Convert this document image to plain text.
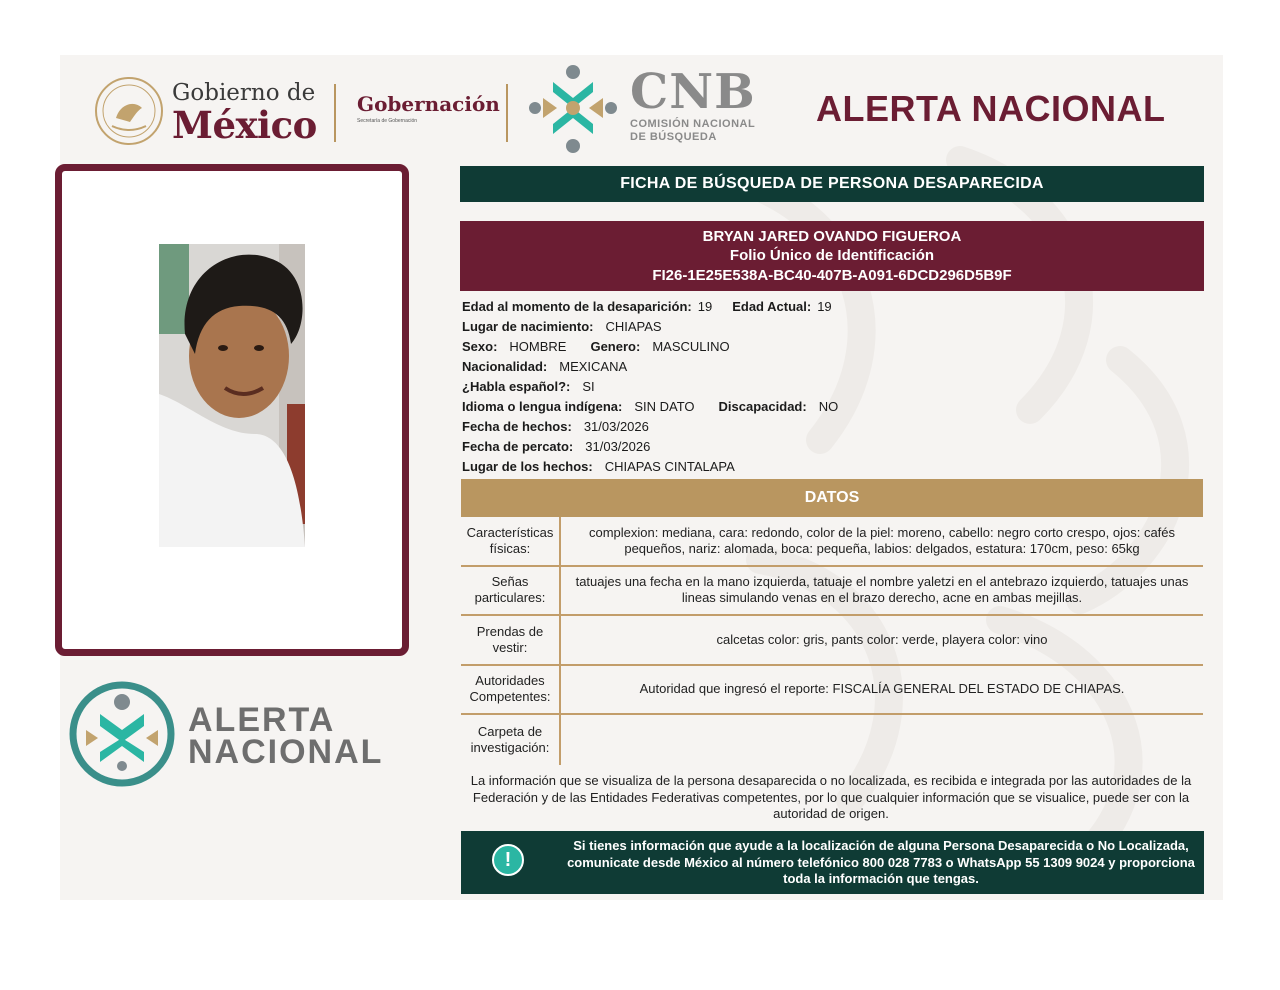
Gobierno de
México Gobernación
Secretaría de Gobernación
CNB
COMISIÓN NACIONAL
DE BÚSQUEDA
ALERTA NACIONAL
ALERTA
NACIONAL
FICHA DE BÚSQUEDA DE PERSONA DESAPARECIDA
BRYAN JARED OVANDO FIGUEROA
Folio Único de Identificación
FI26-1E25E538A-BC40-407B-A091-6DCD296D5B9F
Edad al momento de la desaparición: 19 Edad Actual: 19
Lugar de nacimiento: CHIAPAS
Sexo: HOMBRE Genero: MASCULINO
Nacionalidad: MEXICANA
¿Habla español?: SI
Idioma o lengua indígena: SIN DATO Discapacidad: NO
Fecha de hechos: 31/03/2026
Fecha de percato: 31/03/2026
Lugar de los hechos: CHIAPAS CINTALAPA
DATOS
Características físicas:
complexion: mediana, cara: redondo, color de la piel: moreno, cabello: negro corto crespo, ojos: cafés pequeños, nariz: alomada, boca: pequeña, labios: delgados, estatura: 170cm, peso: 65kg
Señas particulares:
tatuajes una fecha en la mano izquierda, tatuaje el nombre yaletzi en el antebrazo izquierdo, tatuajes unas lineas simulando venas en el brazo derecho, acne en ambas mejillas.
Prendas de vestir:
calcetas color: gris, pants color: verde, playera color: vino
Autoridades Competentes:
Autoridad que ingresó el reporte: FISCALÍA GENERAL DEL ESTADO DE CHIAPAS.
Carpeta de investigación:
La información que se visualiza de la persona desaparecida o no localizada, es recibida e integrada por las autoridades de la Federación y de las Entidades Federativas competentes, por lo que cualquier información que se visualice, puede ser con la autoridad de origen.
!
Si tienes información que ayude a la localización de alguna Persona Desaparecida o No Localizada, comunicate desde México al número telefónico 800 028 7783 o WhatsApp 55 1309 9024 y proporciona toda la información que tengas.
